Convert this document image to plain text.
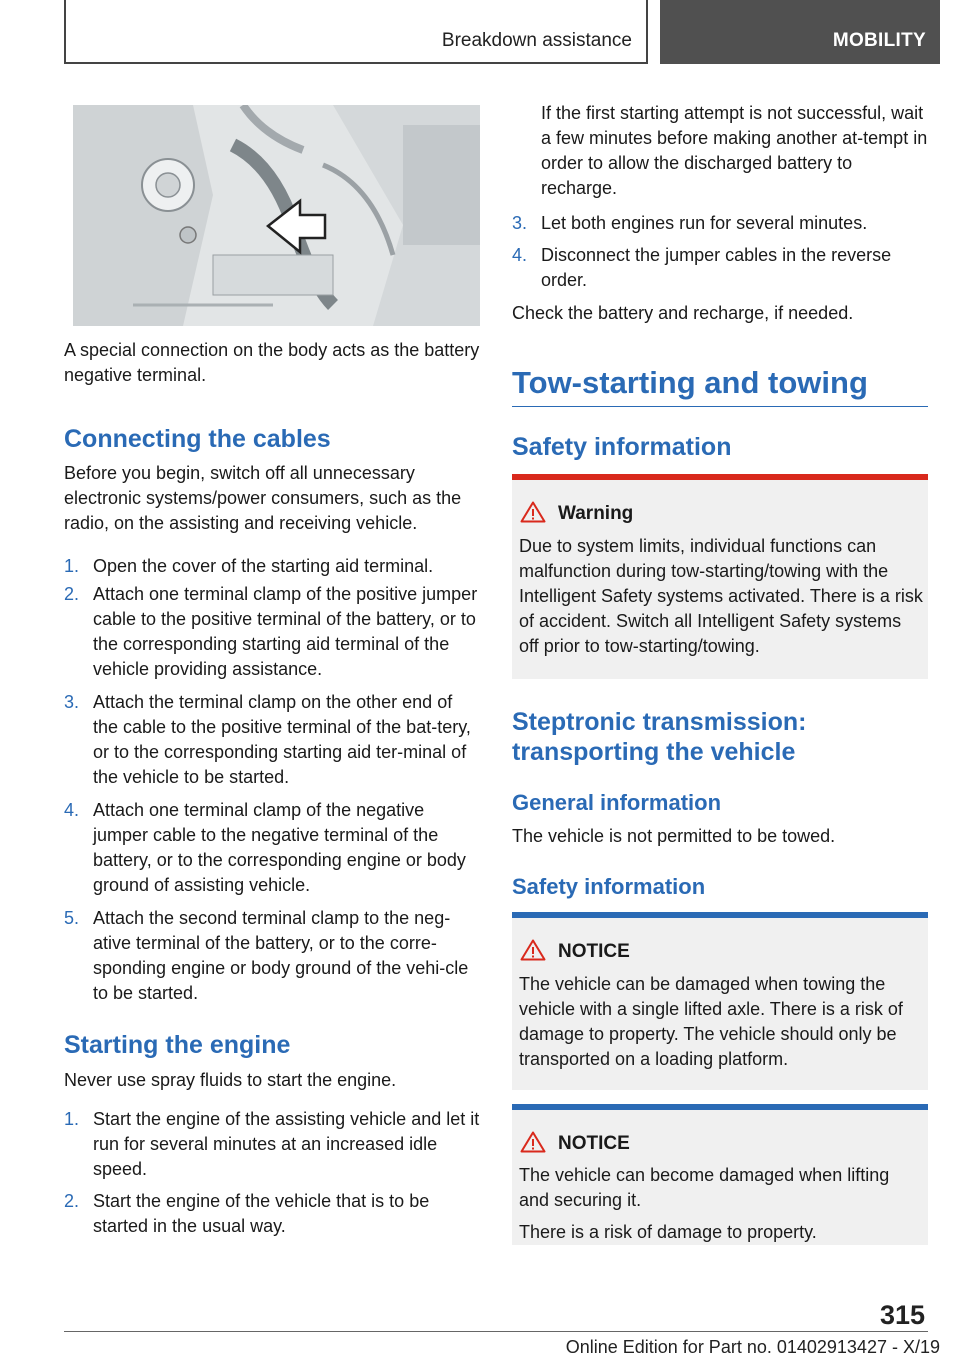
Breakdown assistance	MOBILITY
A special connection on the body acts as the battery negative terminal.
Connecting the cables
Before you begin, switch off all unnecessary electronic systems/power consumers, such as the radio, on the assisting and receiving vehicle.
1. Open the cover of the starting aid terminal.
2. Attach one terminal clamp of the positive jumper cable to the positive terminal of the battery, or to the corresponding starting aid terminal of the vehicle providing assistance.
3. Attach the terminal clamp on the other end of the cable to the positive terminal of the bat-tery, or to the corresponding starting aid ter-minal of the vehicle to be started.
4. Attach one terminal clamp of the negative jumper cable to the negative terminal of the battery, or to the corresponding engine or body ground of assisting vehicle.
5. Attach the second terminal clamp to the neg-ative terminal of the battery, or to the corre-sponding engine or body ground of the vehi-cle to be started.
Starting the engine
Never use spray fluids to start the engine.
1. Start the engine of the assisting vehicle and let it run for several minutes at an increased idle speed.
2. Start the engine of the vehicle that is to be started in the usual way.
If the first starting attempt is not successful, wait a few minutes before making another at-tempt in order to allow the discharged battery to recharge.
3. Let both engines run for several minutes.
4. Disconnect the jumper cables in the reverse order.
Check the battery and recharge, if needed.
Tow-starting and towing
Safety information
Warning
Due to system limits, individual functions can malfunction during tow-starting/towing with the Intelligent Safety systems activated. There is a risk of accident. Switch all Intelligent Safety systems off prior to tow-starting/towing.
Steptronic transmission: transporting the vehicle
General information
The vehicle is not permitted to be towed.
Safety information
NOTICE
The vehicle can be damaged when towing the vehicle with a single lifted axle. There is a risk of damage to property. The vehicle should only be transported on a loading platform.
NOTICE
The vehicle can become damaged when lifting and securing it.
There is a risk of damage to property.
315
Online Edition for Part no. 01402913427 - X/19
